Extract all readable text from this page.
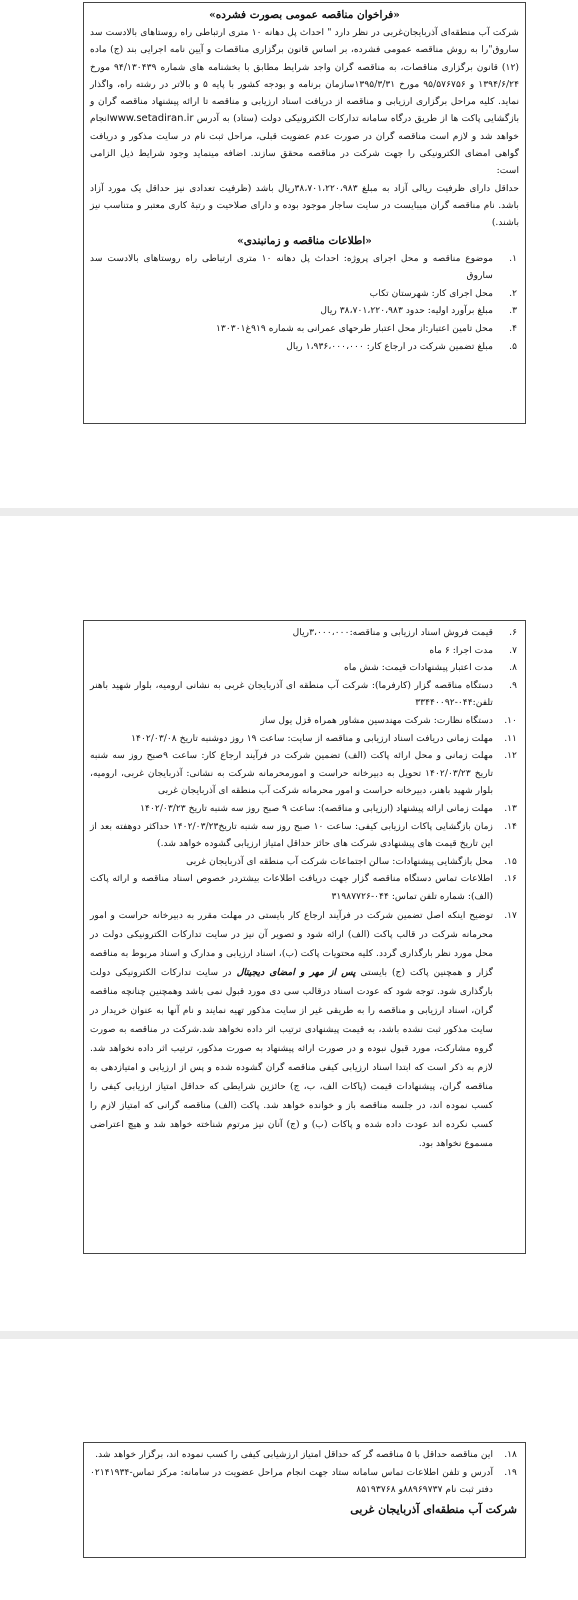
«فراخوان مناقصه عمومی بصورت فشرده»

شرکت آب منطقه‌ای آذربایجان‌غربی در نظر دارد " احداث پل دهانه ۱۰ متری ارتباطی راه روستاهای بالادست سد ساروق"را به روش مناقصه عمومی فشرده، بر اساس قانون برگزاری مناقصات و آیین نامه اجرایی بند (ج) ماده (۱۲) قانون برگزاری مناقصات، به مناقصه گران واجد شرایط مطابق با بخشنامه های شماره ۹۴/۱۳۰۴۳۹ مورخ ۱۳۹۴/۶/۲۴ و ۹۵/۵۷۶۷۵۶ مورخ ۱۳۹۵/۳/۳۱سازمان برنامه و بودجه کشور با پایه ۵ و بالاتر در رشته راه، واگذار نماید. کلیه مراحل برگزاری ارزیابی و مناقصه از دریافت اسناد ارزیابی و مناقصه تا ارائه پیشنهاد مناقصه گران و بازگشایی پاکت ها از طریق درگاه سامانه تدارکات الکترونیکی دولت (ستاد) به آدرس www.setadiran.irانجام خواهد شد و لازم است مناقصه گران در صورت عدم عضویت قبلی، مراحل ثبت نام در سایت مذکور و دریافت گواهی امضای الکترونیکی را جهت شرکت در مناقصه محقق سازند. اضافه مینماید وجود شرایط ذیل الزامی است:

حداقل دارای ظرفیت ریالی آزاد به مبلغ ۳۸،۷۰۱،۲۲۰،۹۸۳ریال باشد (ظرفیت تعدادی نیز حداقل یک مورد آزاد باشد. نام مناقصه گران میبایست در سایت ساجار موجود بوده و دارای صلاحیت و رتبهٔ کاری معتبر و متناسب نیز باشند.)

«اطلاعات مناقصه و زمانبندی»
۱.
موضوع مناقصه و محل اجرای پروژه: احداث پل دهانه ۱۰ متری ارتباطی راه روستاهای بالادست سد ساروق
۲.
محل اجرای کار: شهرستان تکاب
۳.
مبلغ برآورد اولیه: حدود ۳۸،۷۰۱،۲۲۰،۹۸۳ ریال
۴.
محل تامین اعتبار:از محل اعتبار طرحهای عمرانی به شماره ۹۱۹غ۱۳۰۳۰۱
۵.
مبلغ تضمین شرکت در ارجاع کار: ۱،۹۳۶،۰۰۰،۰۰۰ ریال
۶.
قیمت فروش اسناد ارزیابی و مناقصه:۳،۰۰۰،۰۰۰ریال
۷.
مدت اجرا: ۶ ماه
۸.
مدت اعتبار پیشنهادات قیمت: شش ماه
۹.
دستگاه مناقصه گزار (کارفرما): شرکت آب منطقه ای آذربایجان غربی به نشانی ارومیه، بلوار شهید باهنر تلفن:۰۴۴-۳۳۴۴۰۰۹۲
۱۰.
دستگاه نظارت: شرکت مهندسین مشاور همراه قزل یول ساز
۱۱.
مهلت زمانی دریافت اسناد ارزیابی و مناقصه از سایت: ساعت ۱۹ روز دوشنبه تاریخ ۱۴۰۲/۰۳/۰۸
۱۲.
مهلت زمانی و محل ارائه پاکت (الف) تضمین شرکت در فرآیند ارجاع کار: ساعت ۹صبح روز سه شنبه تاریخ ۱۴۰۲/۰۳/۲۳ تحویل به دبیرخانه حراست و امورمحرمانه شرکت به نشانی: آذربایجان غربی، ارومیه، بلوار شهید باهنر، دبیرخانه حراست و امور محرمانه شرکت آب منطقه ای آذربایجان غربی
۱۳.
مهلت زمانی ارائه پیشنهاد (ارزیابی و مناقصه): ساعت ۹ صبح روز سه شنبه تاریخ ۱۴۰۲/۰۳/۲۳
۱۴.
زمان بازگشایی پاکات ارزیابی کیفی: ساعت ۱۰ صبح روز سه شنبه تاریخ۱۴۰۲/۰۳/۲۳ حداکثر دوهفته بعد از این تاریخ قیمت های پیشنهادی شرکت های حائز حداقل امتیاز ارزیابی گشوده خواهد شد.)
۱۵.
محل بازگشایی پیشنهادات: سالن اجتماعات شرکت آب منطقه ای آذربایجان غربی
۱۶.
اطلاعات تماس دستگاه مناقصه گزار جهت دریافت اطلاعات بیشتردر خصوص اسناد مناقصه و ارائه پاکت (الف): شماره تلفن تماس: ۰۴۴-۳۱۹۸۷۷۲۶
۱۷.
توضیح اینکه اصل تضمین شرکت در فرآیند ارجاع کار بایستی در مهلت مقرر به دبیرخانه حراست و امور محرمانه شرکت در قالب پاکت (الف) ارائه شود و تصویر آن نیز در سایت تدارکات الکترونیکی دولت در محل مورد نظر بارگذاری گردد. کلیه محتویات پاکت (ب)، اسناد ارزیابی و مدارک و اسناد مربوط به مناقصه گزار و همچنین پاکت (ج) بایستی پس از مهر و امضای دیجیتال در سایت تدارکات الکترونیکی دولت بارگذاری شود. توجه شود که عودت اسناد درقالب سی دی مورد قبول نمی باشد وهمچنین چنانچه مناقصه گران، اسناد ارزیابی و مناقصه را به طریقی غیر از سایت مذکور تهیه نمایند و نام آنها به عنوان خریدار در سایت مذکور ثبت نشده باشد، به قیمت پیشنهادی ترتیب اثر داده نخواهد شد.شرکت در مناقصه به صورت گروه مشارکت، مورد قبول نبوده و در صورت ارائه پیشنهاد به صورت مذکور، ترتیب اثر داده نخواهد شد. لازم به ذکر است که ابتدا اسناد ارزیابی کیفی مناقصه گران گشوده شده و پس از ارزیابی و امتیازدهی به مناقصه گران، پیشنهادات قیمت (پاکات الف، ب، ج) حائزین شرایطی که حداقل امتیاز ارزیابی کیفی را کسب نموده اند، در جلسه مناقصه باز و خوانده خواهد شد. پاکت (الف) مناقصه گرانی که امتیاز لازم را کسب نکرده اند عودت داده شده و پاکات (ب) و (ج) آنان نیز مرتوم شناخته خواهد شد و هیچ اعتراضی مسموع نخواهد بود.
۱۸.
این مناقصه حداقل با ۵ مناقصه گر که حداقل امتیاز ارزشیابی کیفی را کسب نموده اند، برگزار خواهد شد.
۱۹.
آدرس و تلفن اطلاعات تماس سامانه ستاد جهت انجام مراحل عضویت در سامانه: مرکز تماس-۰۲۱۴۱۹۳۴ دفتر ثبت نام ۸۸۹۶۹۷۳۷و ۸۵۱۹۳۷۶۸
شرکت آب منطقه‌ای آذربایجان غربی
